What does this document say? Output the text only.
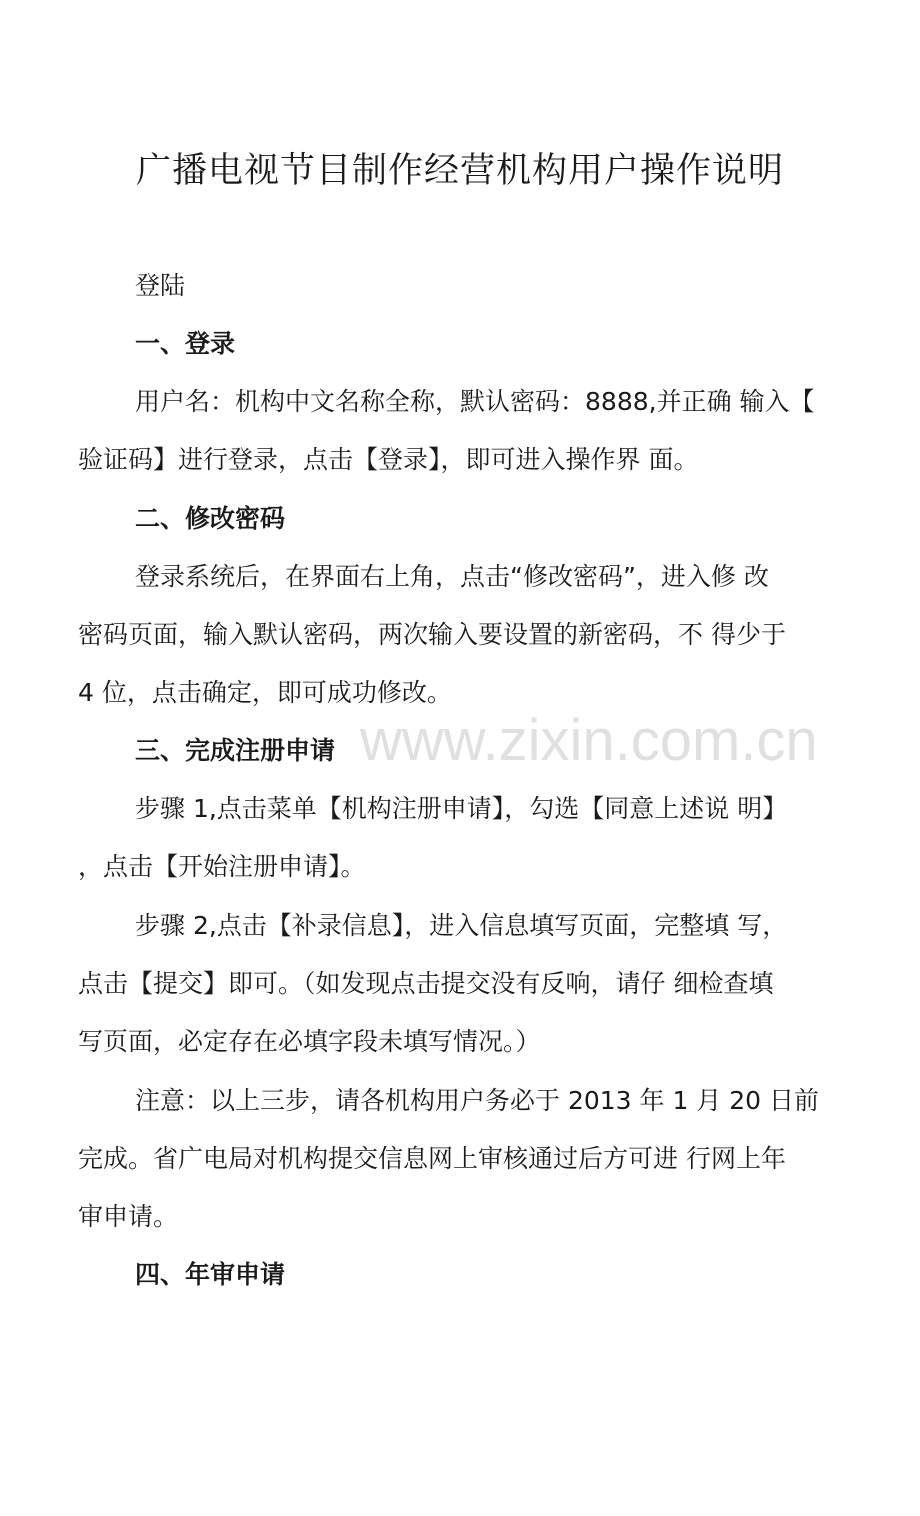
广播电视节目制作经营机构用户操作说明

登陆

一、登录

用户名：机构中文名称全称，默认密码：8888,并正确 输入【
验证码】进行登录，点击【登录】，即可进入操作界 面。

二、修改密码

登录系统后，在界面右上角，点击“修改密码”，进入修 改
密码页面，输入默认密码，两次输入要设置的新密码，不 得少于
4 位，点击确定，即可成功修改。

www.zixin.com.cn

三、完成注册申请

步骤 1,点击菜单【机构注册申请】，勾选【同意上述说 明】
，点击【开始注册申请】。

步骤 2,点击【补录信息】，进入信息填写页面，完整填 写，
点击【提交】即可。（如发现点击提交没有反响，请仔 细检查填
写页面，必定存在必填字段未填写情况。）

注意：以上三步，请各机构用户务必于 2013 年 1 月 20 日前
完成。省广电局对机构提交信息网上审核通过后方可进 行网上年
审申请。

四、年审申请
